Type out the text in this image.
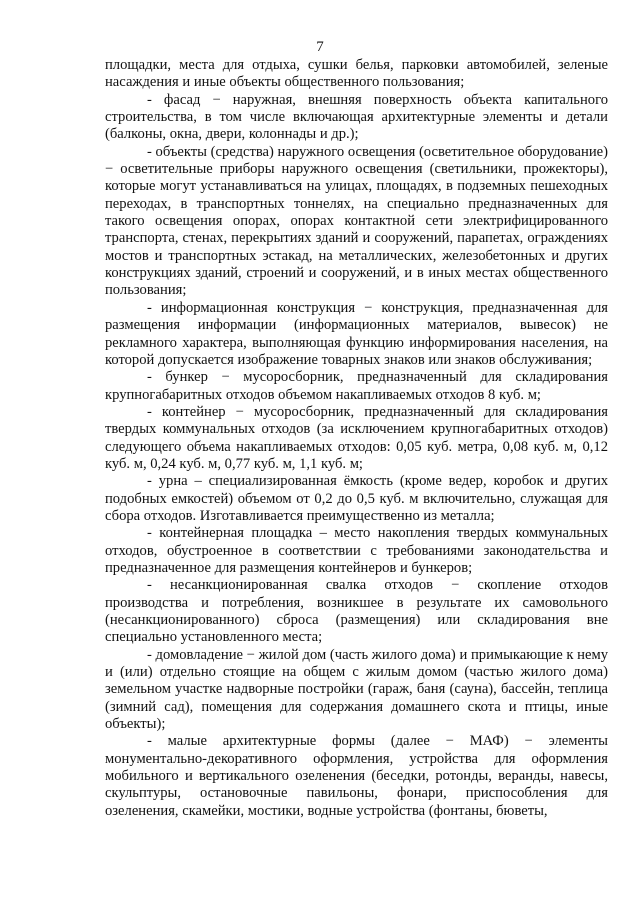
7

площадки, места для отдыха, сушки белья, парковки автомобилей, зеленые насаждения и иные объекты общественного пользования;

- фасад − наружная, внешняя поверхность объекта капитального строительства, в том числе включающая архитектурные элементы и детали (балконы, окна, двери, колоннады и др.);

- объекты (средства) наружного освещения (осветительное оборудование) − осветительные приборы наружного освещения (светильники, прожекторы), которые могут устанавливаться на улицах, площадях, в подземных пешеходных переходах, в транспортных тоннелях, на специально предназначенных для такого освещения опорах, опорах контактной сети электрифицированного транспорта, стенах, перекрытиях зданий и сооружений, парапетах, ограждениях мостов и транспортных эстакад, на металлических, железобетонных и других конструкциях зданий, строений и сооружений, и в иных местах общественного пользования;

- информационная конструкция − конструкция, предназначенная для размещения информации (информационных материалов, вывесок) не рекламного характера, выполняющая функцию информирования населения, на которой допускается изображение товарных знаков или знаков обслуживания;

- бункер − мусоросборник, предназначенный для складирования крупногабаритных отходов объемом накапливаемых отходов 8 куб. м;

- контейнер − мусоросборник, предназначенный для складирования твердых коммунальных отходов (за исключением крупногабаритных отходов) следующего объема накапливаемых отходов: 0,05 куб. метра, 0,08 куб. м, 0,12 куб. м, 0,24 куб. м, 0,77 куб. м, 1,1 куб. м;

- урна – специализированная ёмкость (кроме ведер, коробок и других подобных емкостей) объемом от 0,2 до 0,5 куб. м включительно, служащая для сбора отходов. Изготавливается преимущественно из металла;

- контейнерная площадка – место накопления твердых коммунальных отходов, обустроенное в соответствии с требованиями законодательства и предназначенное для размещения контейнеров и бункеров;

- несанкционированная свалка отходов − скопление отходов производства и потребления, возникшее в результате их самовольного (несанкционированного) сброса (размещения) или складирования вне специально установленного места;

- домовладение − жилой дом (часть жилого дома) и примыкающие к нему и (или) отдельно стоящие на общем с жилым домом (частью жилого дома) земельном участке надворные постройки (гараж, баня (сауна), бассейн, теплица (зимний сад), помещения для содержания домашнего скота и птицы, иные объекты);

- малые архитектурные формы (далее − МАФ) − элементы монументально-декоративного оформления, устройства для оформления мобильного и вертикального озеленения (беседки, ротонды, веранды, навесы, скульптуры, остановочные павильоны, фонари, приспособления для озеленения, скамейки, мостики, водные устройства (фонтаны, бюветы,
